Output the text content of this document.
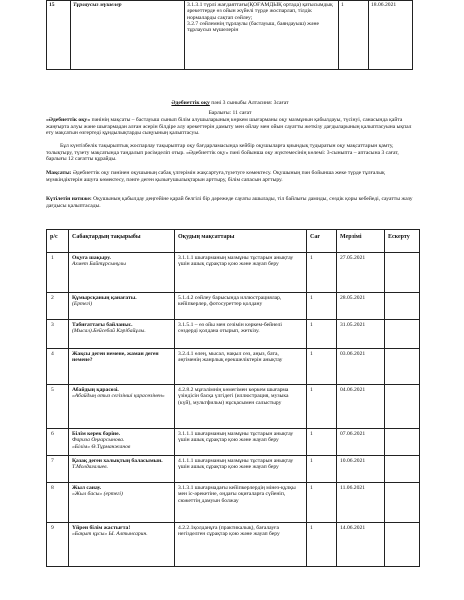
15	Тұрлаусыз мүшелер	3.1.3.1 түрлі жағдаяттағы(ҚОҒАМДЫҚ ортада) қатысымдық әрекеттерде өз ойын жүйелі түрде жоспарлап, тілдік нормаларды сақтап сөйлеу;
3.2.7 сөйлемнің тұрлаулы (бастауыш, баяндауыш) және тұрлаусыз мүшелерін	1	18.06.2021
Әдебиеттік оқу пәні 3 сыныбы Алтасиня: 3сағат
Барлығы: 11 сағат
«Әдебиеттік оқу» пәнінің мақсаты – бастауыш сынып білім алушыларының көркем шығарманы оқу мазмұнын қабылдауы, түсінуі, санасында қайта жаңғырта алуы және шығармадан алған әсерін білдіре алу әрекеттерін дамыту мен ойлау мен ойын сауатты жеткізу дағдыларының қалыптасуына ықпал ету мақсатын өзгертеді құндылықтарды сыңуының қалыптасуы.
Бұл күнтізбелік тақырыптық жоспарлау тақырыптар оқу бағдарламасында кейбір оқушыларға қиындық тудыратын оқу мақсаттарын қамту, толықтыру, түзету мақсатында таңдалып рәсімделіп отыр. «Әдебиеттік оқу» пәні бойынша оқу жүктемесінің көлемі: 3-сыныпта – аптасына 3 сағат, барлығы 12 сағатты құрайды.
Мақсаты: Әдебиеттік оқу пәнінен оқушының сабақ үлгерімін жақсартуға,түзетуге көмектесу. Оқушының пән бойынша жеке түрде тұлғалық мүмкіндіктерін ашуға көмектесу, пәнге деген қызығушылықтарын арттыру, білім сапасын арттыру.
Күтілетін нәтиже: Оқушының қабылдау деңгейіне қарай белгілі бір дәрежеде сауаты ашылады, тіл байлығы дамиды, сөздік қоры кебейеді, сауатты жазу дағдысы қалыптасады.
р/с	Сабақтардың тақырыбы	Оқудың мақсаттары	Сағ	Мерзімі	Ескерту
1	Оқуға шақыру.
Ахмет Байтұрсынұлы	3.1.1.1 шығарманың мазмұны тұстарын анықтау үшін ашық сұрақтар қою және жауап беру	1	27.05.2021	
2	Құмырсқаның қанағаты.
(Ертегі)	5.1.4.2 сөйлеу барысында иллюстрациялар, кейіпкерлер, фотосуреттер қолдану	1	28.05.2021	
3	Табиғаттағы байланыс.
(Мысал).Бейсебай Кәрібайұлы.	3.1.5.1 – өз ойы мен сезімін көркем-бейнелі сөздерді қолдана отырып, жеткізу.	1	31.05.2021	
4	Жақсы деген немене, жаман деген немене?	3.2.4.1 өлең, мысал, нақыл сөз, аңыз, бата, әңгіменің жанрлық ерекшеліктерін анықтау	1	03.06.2021	
5	Абайдың қарасөзі.
«Абайдың отыз сегізінші қарасөзінен»	4.2.8.2 мұғалімнің көмегімен көркем шығарма үзіндісін басқа үлгідегі (иллюстрация, музыка (күй), мультфильм) нұсқасымен салыстыру	1	04.06.2021	
6	Білім керек бәріне.
Фариза Оңғарсынова.
«Білім» Ө.Тұрманжанов	3.1.1.1 шығарманың мазмұны тұстарын анықтау үшін ашық сұрақтар қою және жауап беру	1	07.06.2021	
7	Қазақ деген халықтың баласымын.
Т.Молдағалиев.	4.1.1.1 шығарманың мазмұны тұстарын анықтау үшін ашық сұрақтар қою және жауап беру	1	10.06.2021	
8	Жыл санау.
«Жыл басы» (ертегі)	3.1.3.1 шығармадағы кейіпкерлердің мінез-құлқы мен іс-әрекетіне, оңдағы оқиғаларға сүйеніп, сюжеттің дамуын болжау	1	11.06.2021	
9	Үйрен білім жастығта!
«Бақыт құсы» Ы. Алтынсарин.	4.2.2.1қолданұға (практикалық), бағалауға негізделген сұрақтар қою және жауап беру	1	14.06.2021	
